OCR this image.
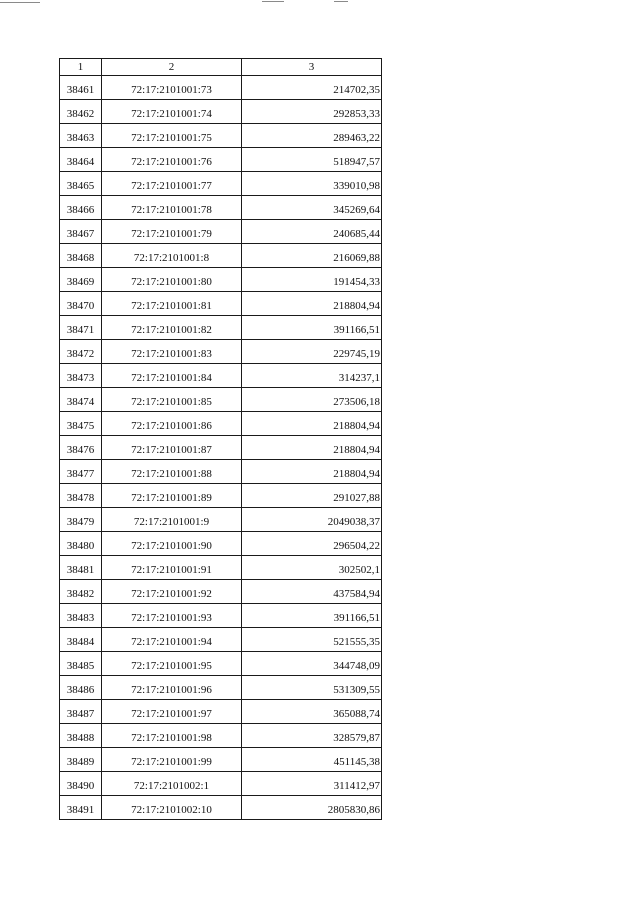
1	2	3
38461	72:17:2101001:73	214702,35
38462	72:17:2101001:74	292853,33
38463	72:17:2101001:75	289463,22
38464	72:17:2101001:76	518947,57
38465	72:17:2101001:77	339010,98
38466	72:17:2101001:78	345269,64
38467	72:17:2101001:79	240685,44
38468	72:17:2101001:8	216069,88
38469	72:17:2101001:80	191454,33
38470	72:17:2101001:81	218804,94
38471	72:17:2101001:82	391166,51
38472	72:17:2101001:83	229745,19
38473	72:17:2101001:84	314237,1
38474	72:17:2101001:85	273506,18
38475	72:17:2101001:86	218804,94
38476	72:17:2101001:87	218804,94
38477	72:17:2101001:88	218804,94
38478	72:17:2101001:89	291027,88
38479	72:17:2101001:9	2049038,37
38480	72:17:2101001:90	296504,22
38481	72:17:2101001:91	302502,1
38482	72:17:2101001:92	437584,94
38483	72:17:2101001:93	391166,51
38484	72:17:2101001:94	521555,35
38485	72:17:2101001:95	344748,09
38486	72:17:2101001:96	531309,55
38487	72:17:2101001:97	365088,74
38488	72:17:2101001:98	328579,87
38489	72:17:2101001:99	451145,38
38490	72:17:2101002:1	311412,97
38491	72:17:2101002:10	2805830,86
